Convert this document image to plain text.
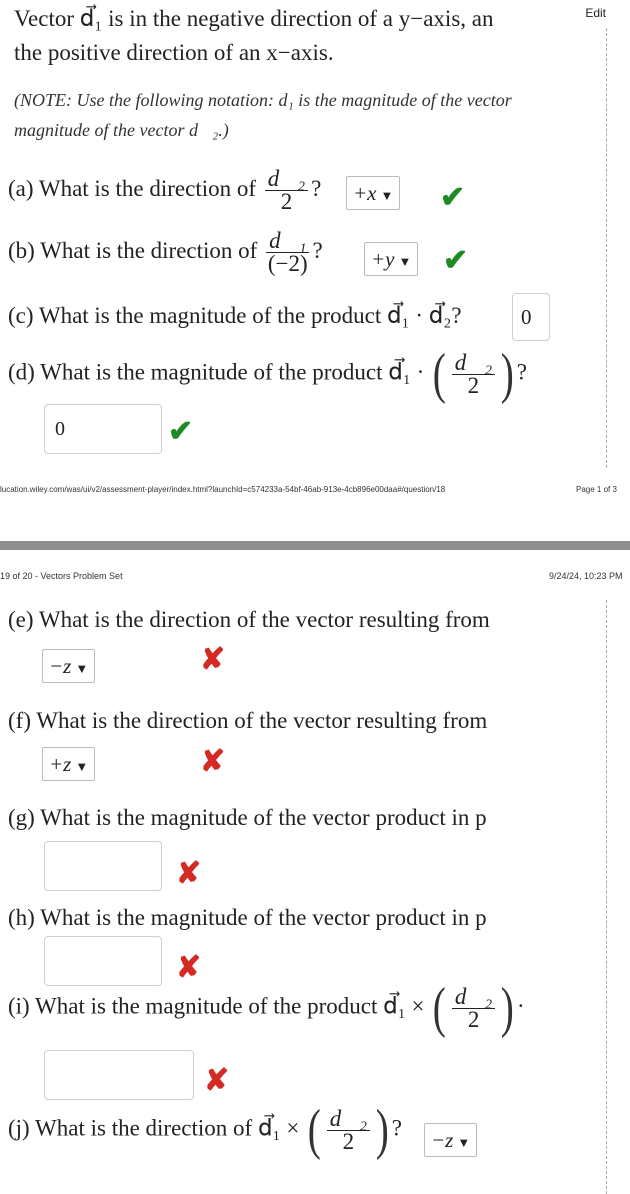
Edit
Vector d⃗₁ is in the negative direction of a y−axis, an
the positive direction of an x−axis.
(NOTE: Use the following notation: d₁ is the magnitude of the vector
magnitude of the vector d⃗₂.)
(a) What is the direction of $\frac{\text{d⃗₂}}{2}$ ?	+x ▼ ✔
(b) What is the direction of $\frac{\text{d⃗₁}}{(-2)}$ ?	+y ▼ ✔
(c) What is the magnitude of the product d⃗₁ · d⃗₂?	0
(d) What is the magnitude of the product d⃗₁ · ( $\frac{\text{d⃗₂}}{2}$ ) ?
0	✔
lucation.wiley.com/was/ui/v2/assessment-player/index.html?launchId=c574233a-54bf-46ab-913e-4cb896e00daa#/question/18	Page 1 of 3
19 of 20 - Vectors Problem Set	9/24/24, 10:23 PM
(e) What is the direction of the vector resulting from
−z ▼	✘
(f) What is the direction of the vector resulting from
+z ▼	✘
(g) What is the magnitude of the vector product in p
✘
(h) What is the magnitude of the vector product in p
✘
(i) What is the magnitude of the product d⃗₁ × ( $\frac{\text{d⃗₂}}{2}$ ) ·
✘
(j) What is the direction of d⃗₁ × ( $\frac{\text{d⃗₂}}{2}$ ) ?	−z ▼
